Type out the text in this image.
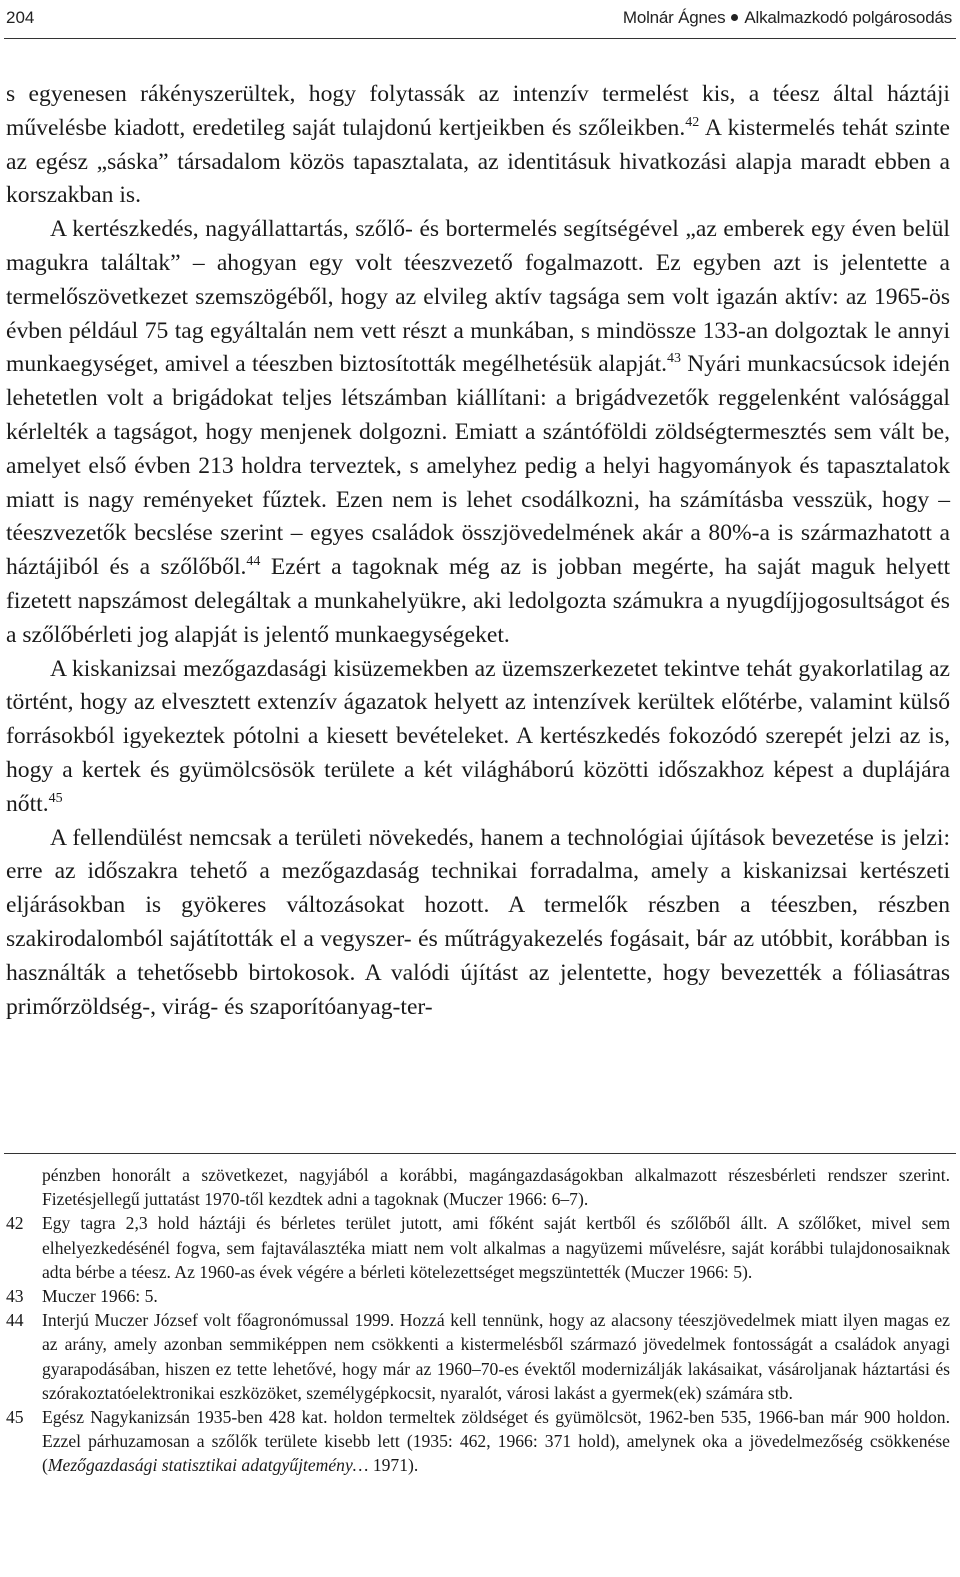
204	Molnár Ágnes Alkalmazkodó polgárosodás

s egyenesen rákényszerültek, hogy folytassák az intenzív termelést kis, a téesz által háztáji művelésbe kiadott, eredetileg saját tulajdonú kertjeikben és szőleikben.$^{42}$ A kistermelés tehát szinte az egész „sáska” társadalom közös tapasztalata, az identitásuk hivatkozási alapja maradt ebben a korszakban is.

A kertészkedés, nagyállattartás, szőlő- és bortermelés segítségével „az emberek egy éven belül magukra találtak” – ahogyan egy volt téeszvezető fogalmazott. Ez egyben azt is jelentette a termelőszövetkezet szemszögéből, hogy az elvileg aktív tagsága sem volt igazán aktív: az 1965-ös évben például 75 tag egyáltalán nem vett részt a munkában, s mindössze 133-an dolgoztak le annyi munkaegységet, amivel a téeszben biztosították megélhetésük alapját.$^{43}$ Nyári munkacsúcsok idején lehetetlen volt a brigádokat teljes létszámban kiállítani: a brigádvezetők reggelenként valósággal kérlelték a tagságot, hogy menjenek dolgozni. Emiatt a szántóföldi zöldségtermesztés sem vált be, amelyet első évben 213 holdra terveztek, s amelyhez pedig a helyi hagyományok és tapasztalatok miatt is nagy reményeket fűztek. Ezen nem is lehet csodálkozni, ha számításba vesszük, hogy – téeszvezetők becslése szerint – egyes családok összjövedelmének akár a 80%-a is származhatott a háztájiból és a szőlőből.$^{44}$ Ezért a tagoknak még az is jobban megérte, ha saját maguk helyett fizetett napszámost delegáltak a munkahelyükre, aki ledolgozta számukra a nyugdíjjogosultságot és a szőlőbérleti jog alapját is jelentő munkaegységeket.

A kiskanizsai mezőgazdasági kisüzemekben az üzemszerkezetet tekintve tehát gyakorlatilag az történt, hogy az elvesztett extenzív ágazatok helyett az intenzívek kerültek előtérbe, valamint külső forrásokból igyekeztek pótolni a kiesett bevételeket. A kertészkedés fokozódó szerepét jelzi az is, hogy a kertek és gyümölcsösök területe a két világháború közötti időszakhoz képest a duplájára nőtt.$^{45}$

A fellendülést nemcsak a területi növekedés, hanem a technológiai újítások bevezetése is jelzi: erre az időszakra tehető a mezőgazdaság technikai forradalma, amely a kiskanizsai kertészeti eljárásokban is gyökeres változásokat hozott. A termelők részben a téeszben, részben szakirodalomból sajátították el a vegyszer- és műtrágyakezelés fogásait, bár az utóbbit, korábban is használták a tehetősebb birtokosok. A valódi újítást az jelentette, hogy bevezették a fóliasátras primőrzöldség-, virág- és szaporítóanyag-ter-

pénzben honorált a szövetkezet, nagyjából a korábbi, magángazdaságokban alkalmazott részesbérleti rendszer szerint. Fizetésjellegű juttatást 1970-től kezdtek adni a tagoknak (Muczer 1966: 6–7).
42 Egy tagra 2,3 hold háztáji és bérletes terület jutott, ami főként saját kertből és szőlőből állt. A szőlőket, mivel sem elhelyezkedésénél fogva, sem fajtaválasztéka miatt nem volt alkalmas a nagyüzemi művelésre, saját korábbi tulajdonosaiknak adta bérbe a téesz. Az 1960-as évek végére a bérleti kötelezettséget megszüntették (Muczer 1966: 5).
43 Muczer 1966: 5.
44 Interjú Muczer József volt főagronómussal 1999. Hozzá kell tennünk, hogy az alacsony téeszjövedelmek miatt ilyen magas ez az arány, amely azonban semmiképpen nem csökkenti a kistermelésből származó jövedelmek fontosságát a családok anyagi gyarapodásában, hiszen ez tette lehetővé, hogy már az 1960–70-es évektől modernizálják lakásaikat, vásároljanak háztartási és szórakoztatóelektronikai eszközöket, személygépkocsit, nyaralót, városi lakást a gyermek(ek) számára stb.
45 Egész Nagykanizsán 1935-ben 428 kat. holdon termeltek zöldséget és gyümölcsöt, 1962-ben 535, 1966-ban már 900 holdon. Ezzel párhuzamosan a szőlők területe kisebb lett (1935: 462, 1966: 371 hold), amelynek oka a jövedelmezőség csökkenése (Mezőgazdasági statisztikai adatgyűjtemény… 1971).
